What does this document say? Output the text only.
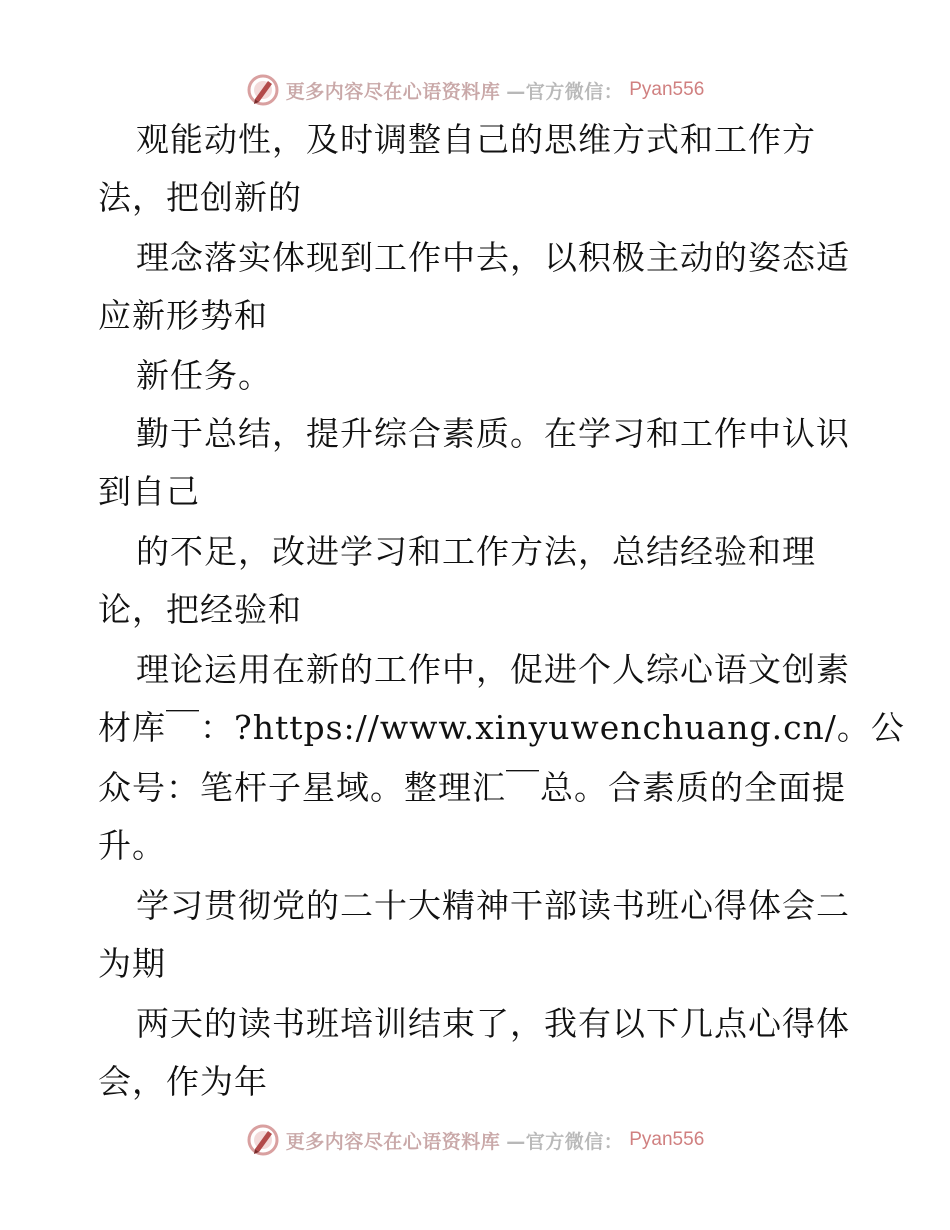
更多内容尽在心语资料库 —官方微信： Pyan556
观能动性，及时调整自己的思维方式和工作方
法，把创新的
理念落实体现到工作中去，以积极主动的姿态适
应新形势和
新任务。
勤于总结，提升综合素质。在学习和工作中认识
到自己
的不足，改进学习和工作方法，总结经验和理
论，把经验和
理论运用在新的工作中，促进个人综心语文创素
材库￣：?https://www.xinyuwenchuang.cn/。公
众号：笔杆子星域。整理汇￣总。合素质的全面提
升。
学习贯彻党的二十大精神干部读书班心得体会二
为期
两天的读书班培训结束了，我有以下几点心得体
会，作为年
更多内容尽在心语资料库 —官方微信： Pyan556
